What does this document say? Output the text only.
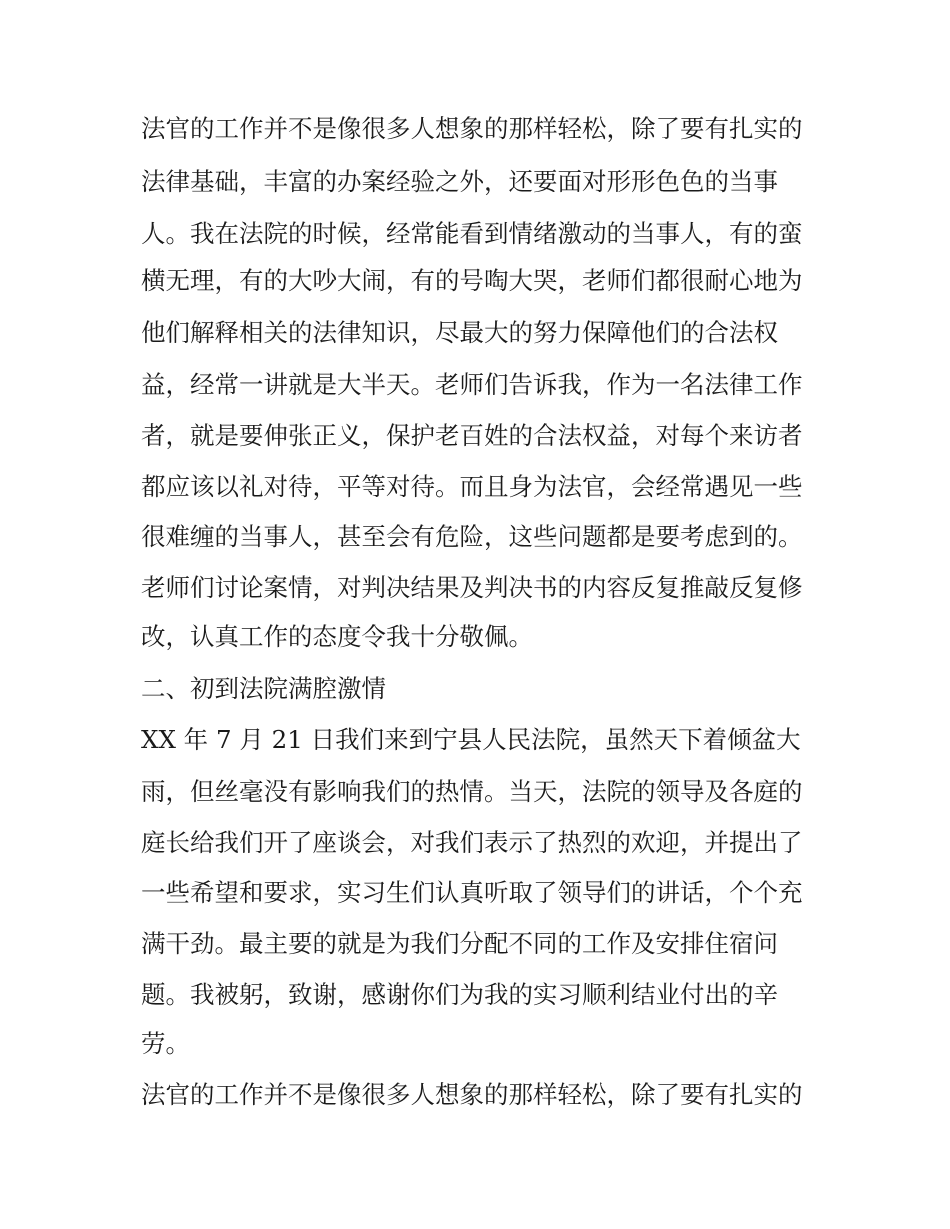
法官的工作并不是像很多人想象的那样轻松，除了要有扎实的

法律基础，丰富的办案经验之外，还要面对形形色色的当事

人。我在法院的时候，经常能看到情绪激动的当事人，有的蛮

横无理，有的大吵大闹，有的号啕大哭，老师们都很耐心地为

他们解释相关的法律知识，尽最大的努力保障他们的合法权

益，经常一讲就是大半天。老师们告诉我，作为一名法律工作

者，就是要伸张正义，保护老百姓的合法权益，对每个来访者

都应该以礼对待，平等对待。而且身为法官，会经常遇见一些

很难缠的当事人，甚至会有危险，这些问题都是要考虑到的。

老师们讨论案情，对判决结果及判决书的内容反复推敲反复修

改，认真工作的态度令我十分敬佩。

二、初到法院满腔激情

XX 年 7 月 21 日我们来到宁县人民法院，虽然天下着倾盆大

雨，但丝毫没有影响我们的热情。当天，法院的领导及各庭的

庭长给我们开了座谈会，对我们表示了热烈的欢迎，并提出了

一些希望和要求，实习生们认真听取了领导们的讲话，个个充

满干劲。最主要的就是为我们分配不同的工作及安排住宿问

题。我被躬，致谢，感谢你们为我的实习顺利结业付出的辛

劳。

法官的工作并不是像很多人想象的那样轻松，除了要有扎实的
